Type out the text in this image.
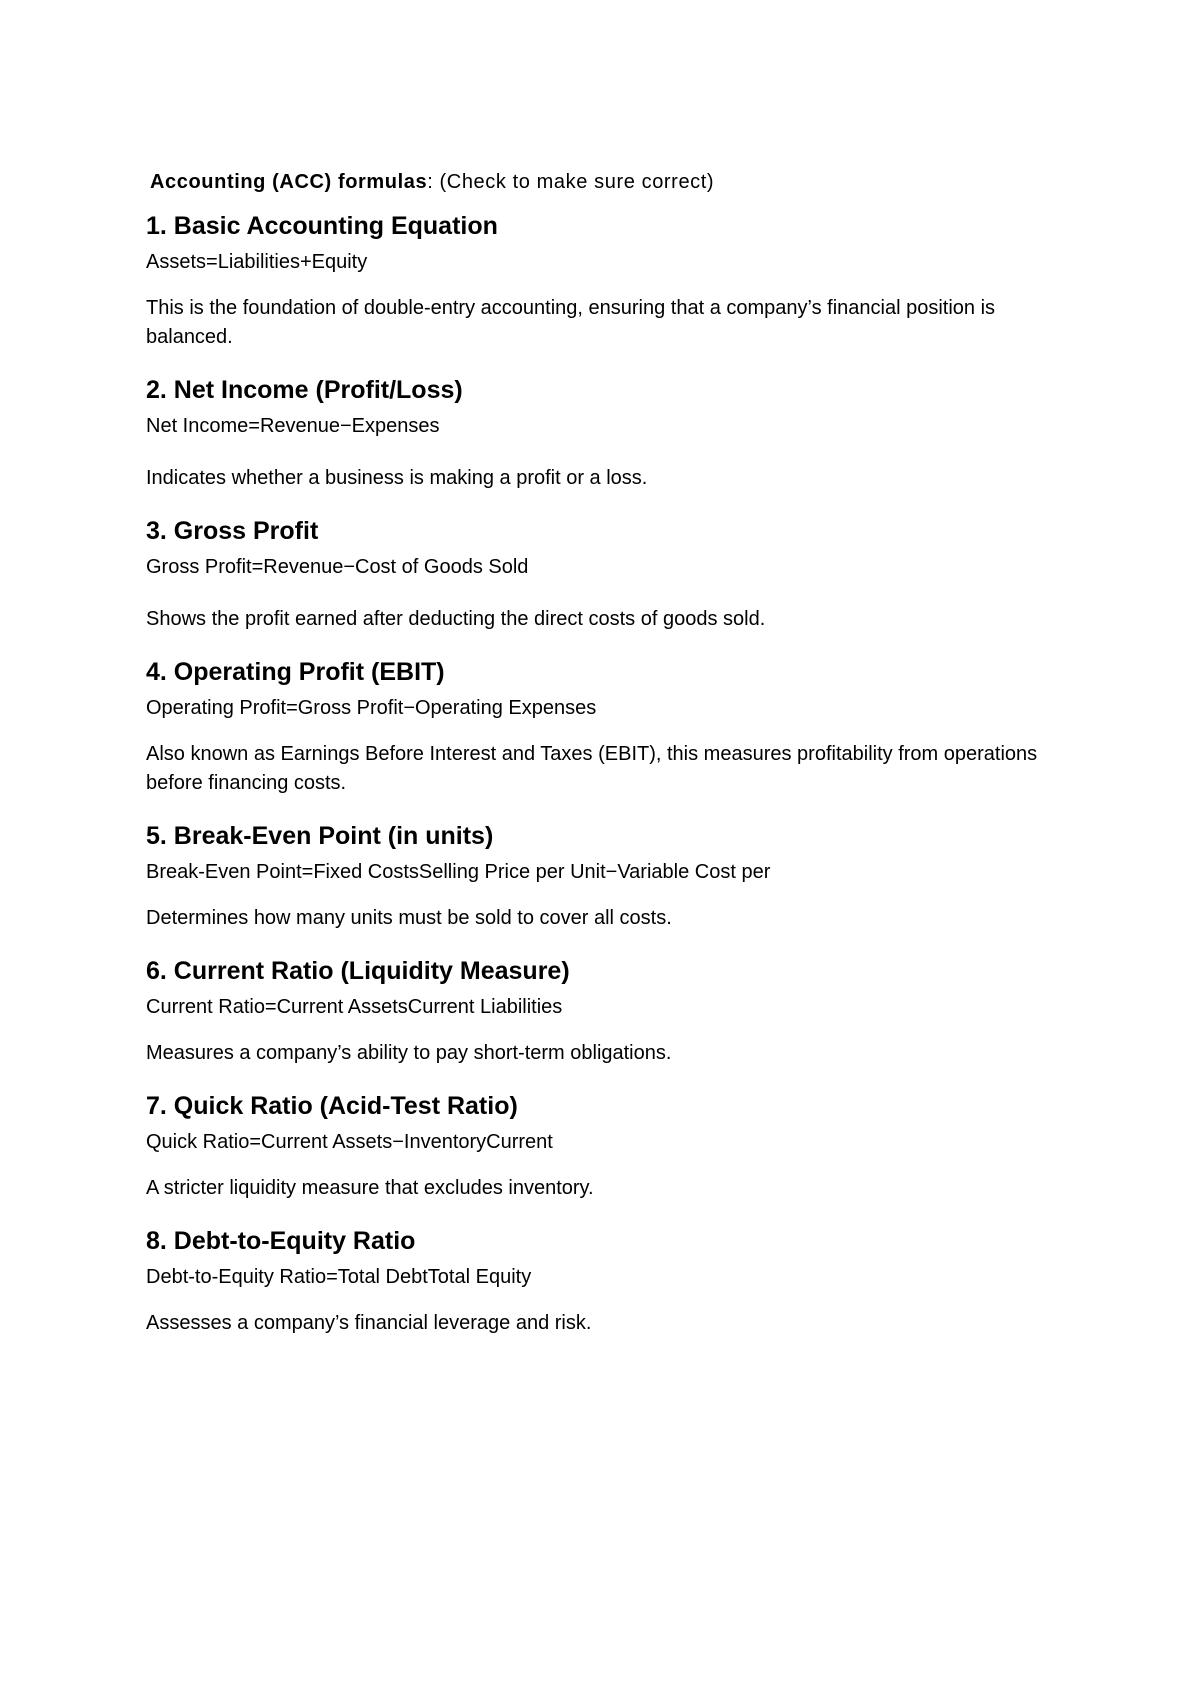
Accounting (ACC) formulas: (Check to make sure correct)

1. Basic Accounting Equation

Assets=Liabilities+Equity

This is the foundation of double-entry accounting, ensuring that a company’s financial position is balanced.

2. Net Income (Profit/Loss)

Net Income=Revenue−Expenses

Indicates whether a business is making a profit or a loss.

3. Gross Profit

Gross Profit=Revenue−Cost of Goods Sold

Shows the profit earned after deducting the direct costs of goods sold.

4. Operating Profit (EBIT)

Operating Profit=Gross Profit−Operating Expenses

Also known as Earnings Before Interest and Taxes (EBIT), this measures profitability from operations before financing costs.

5. Break-Even Point (in units)

Break-Even Point=Fixed CostsSelling Price per Unit−Variable Cost per

Determines how many units must be sold to cover all costs.

6. Current Ratio (Liquidity Measure)

Current Ratio=Current AssetsCurrent Liabilities

Measures a company’s ability to pay short-term obligations.

7. Quick Ratio (Acid-Test Ratio)

Quick Ratio=Current Assets−InventoryCurrent

A stricter liquidity measure that excludes inventory.

8. Debt-to-Equity Ratio

Debt-to-Equity Ratio=Total DebtTotal Equity

Assesses a company’s financial leverage and risk.
